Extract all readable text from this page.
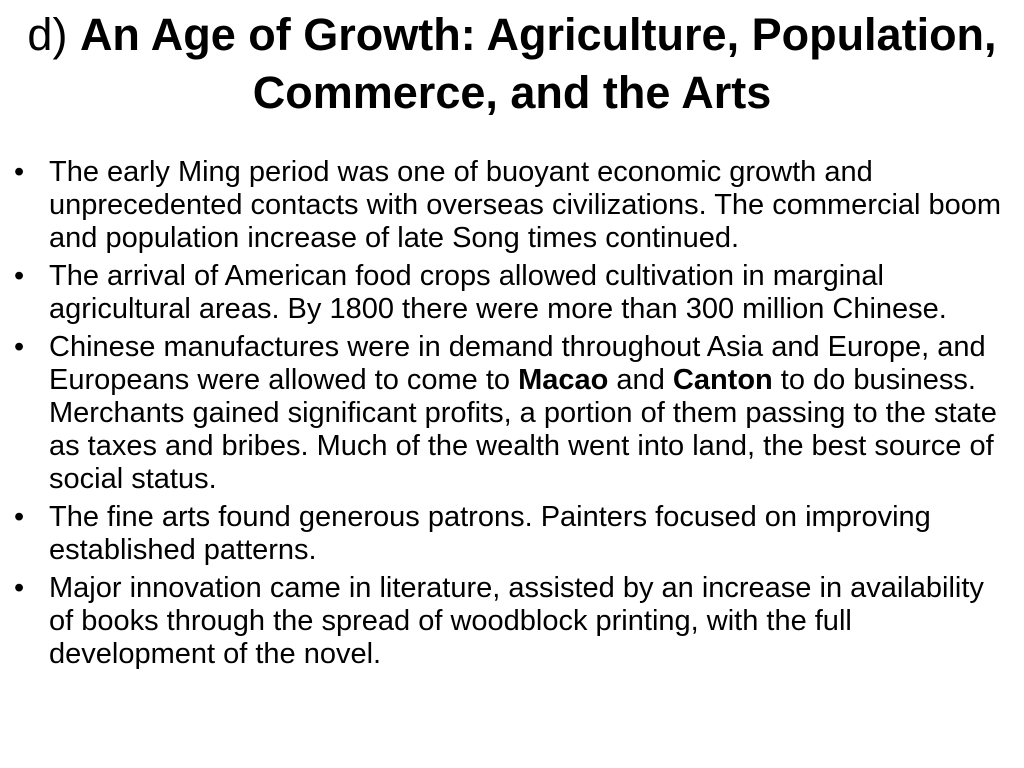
d) An Age of Growth: Agriculture, Population, Commerce, and the Arts
• The early Ming period was one of buoyant economic growth and unprecedented contacts with overseas civilizations. The commercial boom and population increase of late Song times continued.
• The arrival of American food crops allowed cultivation in marginal agricultural areas. By 1800 there were more than 300 million Chinese.
• Chinese manufactures were in demand throughout Asia and Europe, and Europeans were allowed to come to Macao and Canton to do business. Merchants gained significant profits, a portion of them passing to the state as taxes and bribes. Much of the wealth went into land, the best source of social status.
• The fine arts found generous patrons. Painters focused on improving established patterns.
• Major innovation came in literature, assisted by an increase in availability of books through the spread of woodblock printing, with the full development of the novel.
